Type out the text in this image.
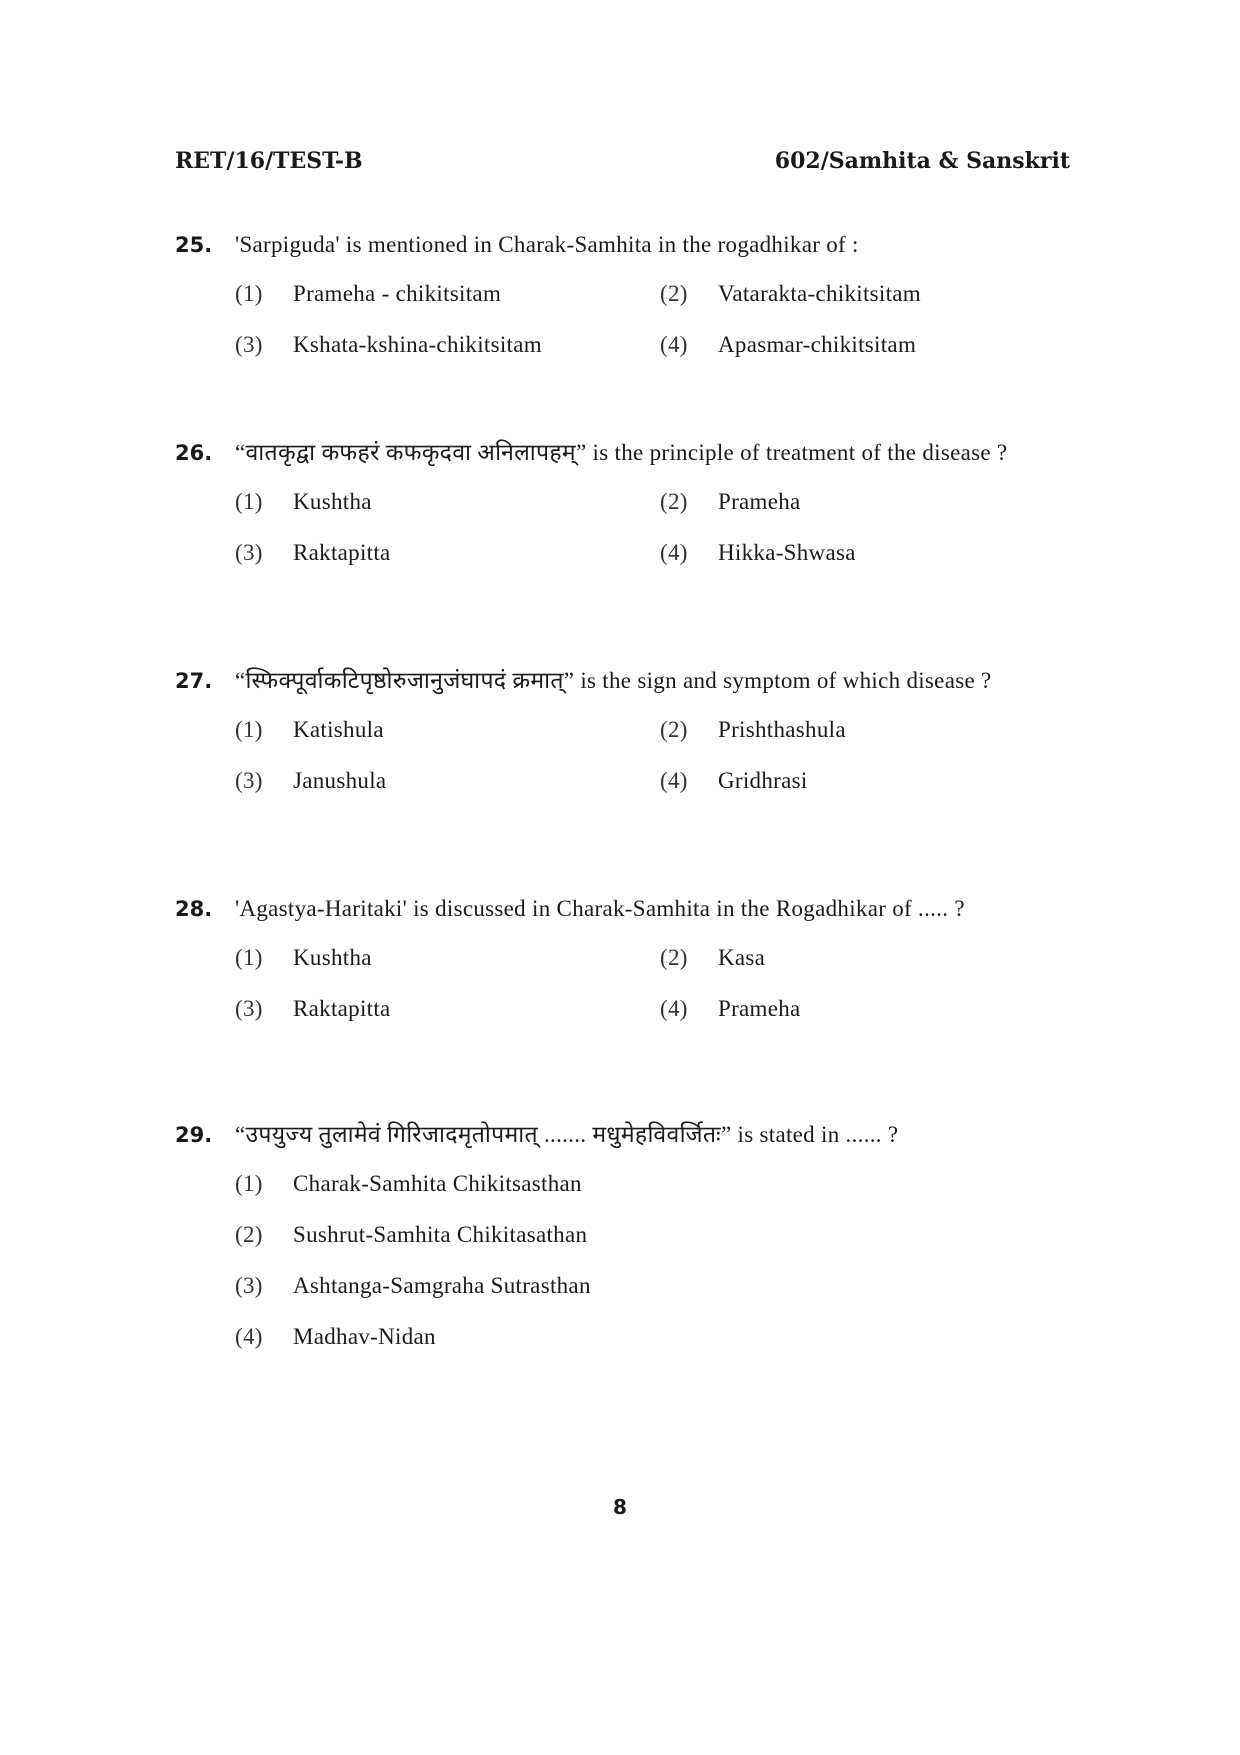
RET/16/TEST-B	602/Samhita & Sanskrit
25. 'Sarpiguda' is mentioned in Charak-Samhita in the rogadhikar of :
(1)	Prameha - chikitsitam	(2)	Vatarakta-chikitsitam
(3)	Kshata-kshina-chikitsitam	(4)	Apasmar-chikitsitam
26. “वातकृद्वा कफहरं कफकृदवा अनिलापहम्” is the principle of treatment of the disease ?
(1)	Kushtha	(2)	Prameha
(3)	Raktapitta	(4)	Hikka-Shwasa
27. “स्फिक्पूर्वाकटिपृष्ठोरुजानुजंघापदं क्रमात्” is the sign and symptom of which disease ?
(1)	Katishula	(2)	Prishthashula
(3)	Janushula	(4)	Gridhrasi
28. 'Agastya-Haritaki' is discussed in Charak-Samhita in the Rogadhikar of ..... ?
(1)	Kushtha	(2)	Kasa
(3)	Raktapitta	(4)	Prameha
29. “उपयुज्य तुलामेवं गिरिजादमृतोपमात् ....... मधुमेहविवर्जितः” is stated in ...... ?
(1)	Charak-Samhita Chikitsasthan
(2)	Sushrut-Samhita Chikitasathan
(3)	Ashtanga-Samgraha Sutrasthan
(4)	Madhav-Nidan
8
